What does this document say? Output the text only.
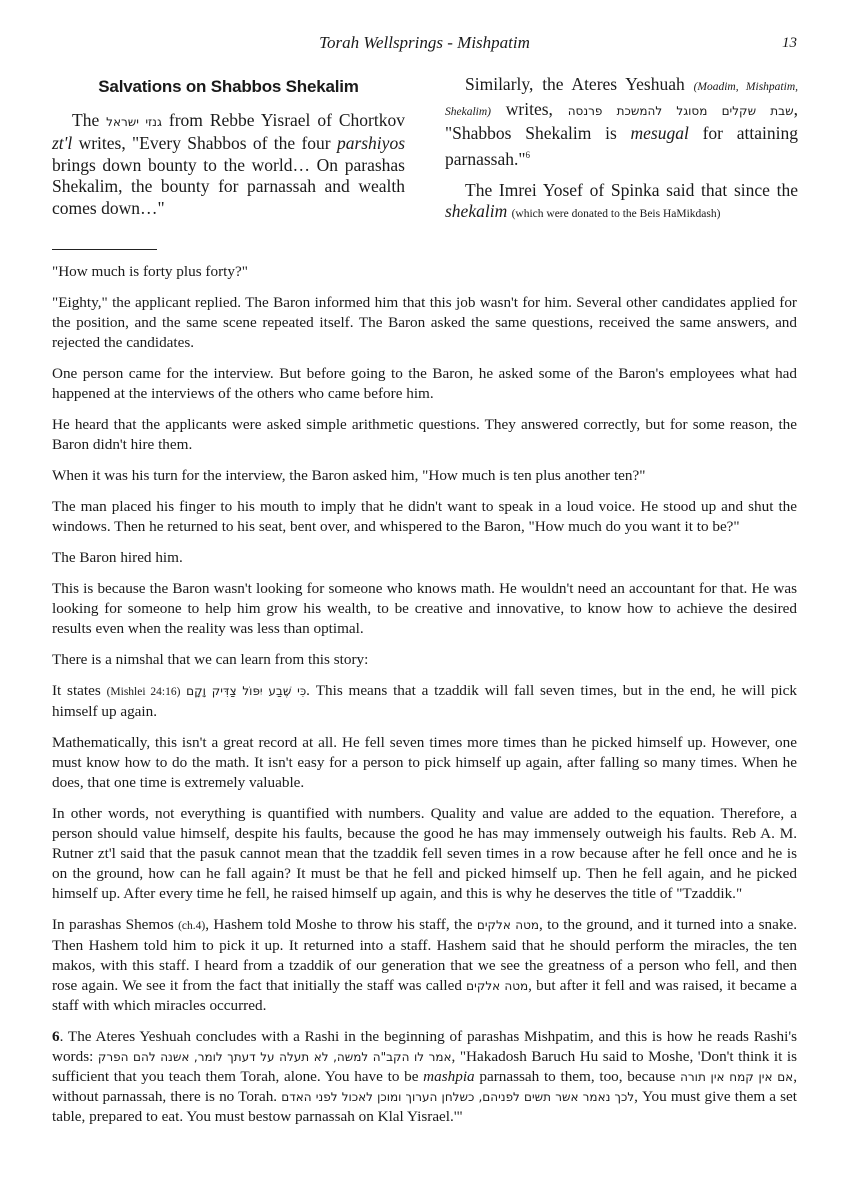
Torah Wellsprings - Mishpatim	13
Salvations on Shabbos Shekalim

The גנזי ישראל from Rebbe Yisrael of Chortkov zt'l writes, "Every Shabbos of the four parshiyos brings down bounty to the world… On parashas Shekalim, the bounty for parnassah and wealth comes down…"

Similarly, the Ateres Yeshuah (Moadim, Mishpatim, Shekalim) writes, שבת שקלים מסוגל להמשכת פרנסה, "Shabbos Shekalim is mesugal for attaining parnassah."$^6$

The Imrei Yosef of Spinka said that since the shekalim (which were donated to the Beis HaMikdash)

"How much is forty plus forty?"

"Eighty," the applicant replied. The Baron informed him that this job wasn't for him. Several other candidates applied for the position, and the same scene repeated itself. The Baron asked the same questions, received the same answers, and rejected the candidates.

One person came for the interview. But before going to the Baron, he asked some of the Baron's employees what had happened at the interviews of the others who came before him.

He heard that the applicants were asked simple arithmetic questions. They answered correctly, but for some reason, the Baron didn't hire them.

When it was his turn for the interview, the Baron asked him, "How much is ten plus another ten?"

The man placed his finger to his mouth to imply that he didn't want to speak in a loud voice. He stood up and shut the windows. Then he returned to his seat, bent over, and whispered to the Baron, "How much do you want it to be?"

The Baron hired him.

This is because the Baron wasn't looking for someone who knows math. He wouldn't need an accountant for that. He was looking for someone to help him grow his wealth, to be creative and innovative, to know how to achieve the desired results even when the reality was less than optimal.

There is a nimshal that we can learn from this story:

It states (Mishlei 24:16) כִּי שֶׁבַע יִפּוֹל צַדִּיק וָקָם. This means that a tzaddik will fall seven times, but in the end, he will pick himself up again.

Mathematically, this isn't a great record at all. He fell seven times more times than he picked himself up. However, one must know how to do the math. It isn't easy for a person to pick himself up again, after falling so many times. When he does, that one time is extremely valuable.

In other words, not everything is quantified with numbers. Quality and value are added to the equation. Therefore, a person should value himself, despite his faults, because the good he has may immensely outweigh his faults. Reb A. M. Rutner zt'l said that the pasuk cannot mean that the tzaddik fell seven times in a row because after he fell once and he is on the ground, how can he fall again? It must be that he fell and picked himself up. Then he fell again, and he picked himself up. After every time he fell, he raised himself up again, and this is why he deserves the title of "Tzaddik."

In parashas Shemos (ch.4), Hashem told Moshe to throw his staff, the מטה אלקים, to the ground, and it turned into a snake. Then Hashem told him to pick it up. It returned into a staff. Hashem said that he should perform the miracles, the ten makos, with this staff. I heard from a tzaddik of our generation that we see the greatness of a person who fell, and then rose again. We see it from the fact that initially the staff was called מטה אלקים, but after it fell and was raised, it became a staff with which miracles occurred.

6. The Ateres Yeshuah concludes with a Rashi in the beginning of parashas Mishpatim, and this is how he reads Rashi's words: אמר לו הקב"ה למשה, לא תעלה על דעתך לומר, אשנה להם הפרק, "Hakadosh Baruch Hu said to Moshe, 'Don't think it is sufficient that you teach them Torah, alone. You have to be mashpia parnassah to them, too, because אם אין קמח אין תורה, without parnassah, there is no Torah. לכך נאמר אשר תשים לפניהם, כשלחן הערוך ומוכן לאכול לפני האדם, You must give them a set table, prepared to eat. You must bestow parnassah on Klal Yisrael.'"
